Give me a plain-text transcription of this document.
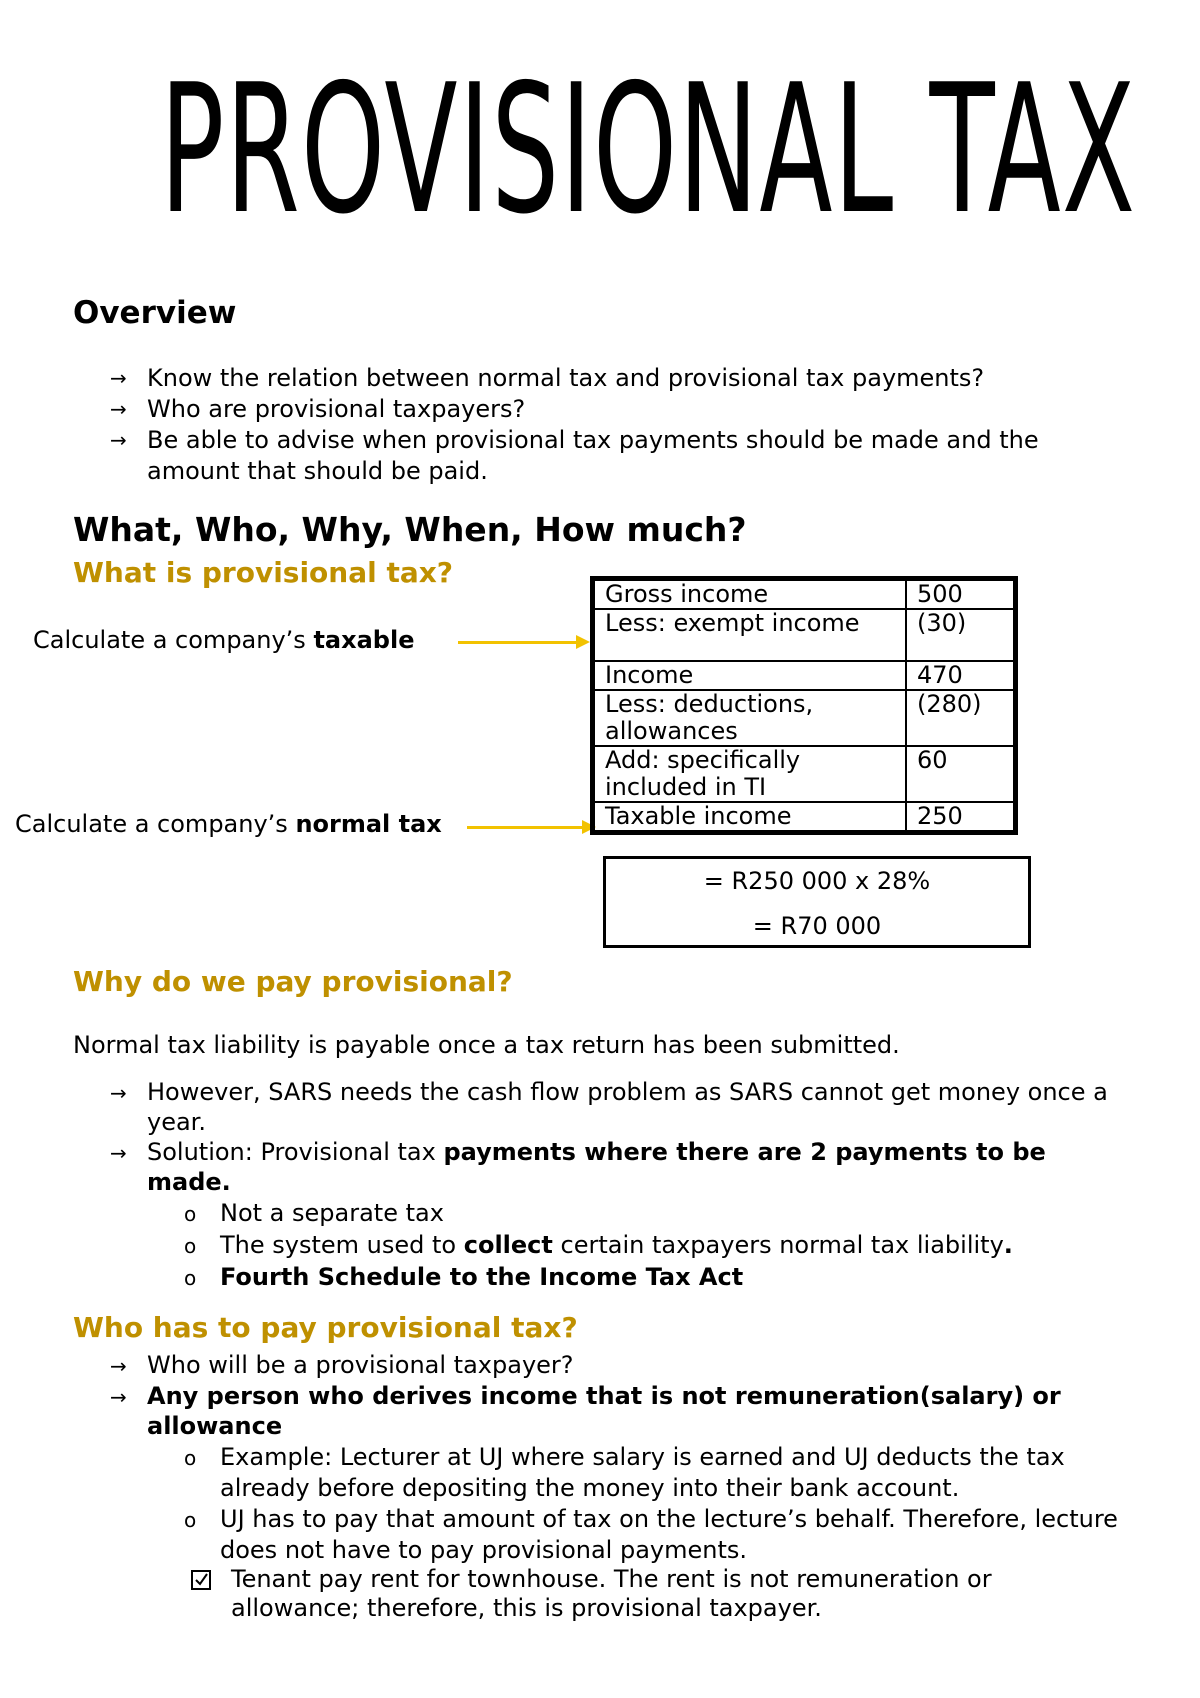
PROVISIONAL TAX
Overview
→ Know the relation between normal tax and provisional tax payments?
→ Who are provisional taxpayers?
→ Be able to advise when provisional tax payments should be made and the
amount that should be paid.
What, Who, Why, When, How much?
What is provisional tax?
Calculate a company’s taxable
Calculate a company’s normal tax
Gross income	500
Less: exempt income	(30)
Income	470
Less: deductions,
allowances	(280)
Add: specifically
included in TI	60
Taxable income	250
= R250 000 x 28%
= R70 000
Why do we pay provisional?
Normal tax liability is payable once a tax return has been submitted.
→ However, SARS needs the cash flow problem as SARS cannot get money once a
year.
→ Solution: Provisional tax payments where there are 2 payments to be
made.
o Not a separate tax
o The system used to collect certain taxpayers normal tax liability.
o Fourth Schedule to the Income Tax Act
Who has to pay provisional tax?
→ Who will be a provisional taxpayer?
→ Any person who derives income that is not remuneration(salary) or
allowance
o Example: Lecturer at UJ where salary is earned and UJ deducts the tax
already before depositing the money into their bank account.
o UJ has to pay that amount of tax on the lecture’s behalf. Therefore, lecture
does not have to pay provisional payments.
Tenant pay rent for townhouse. The rent is not remuneration or
allowance; therefore, this is provisional taxpayer.
